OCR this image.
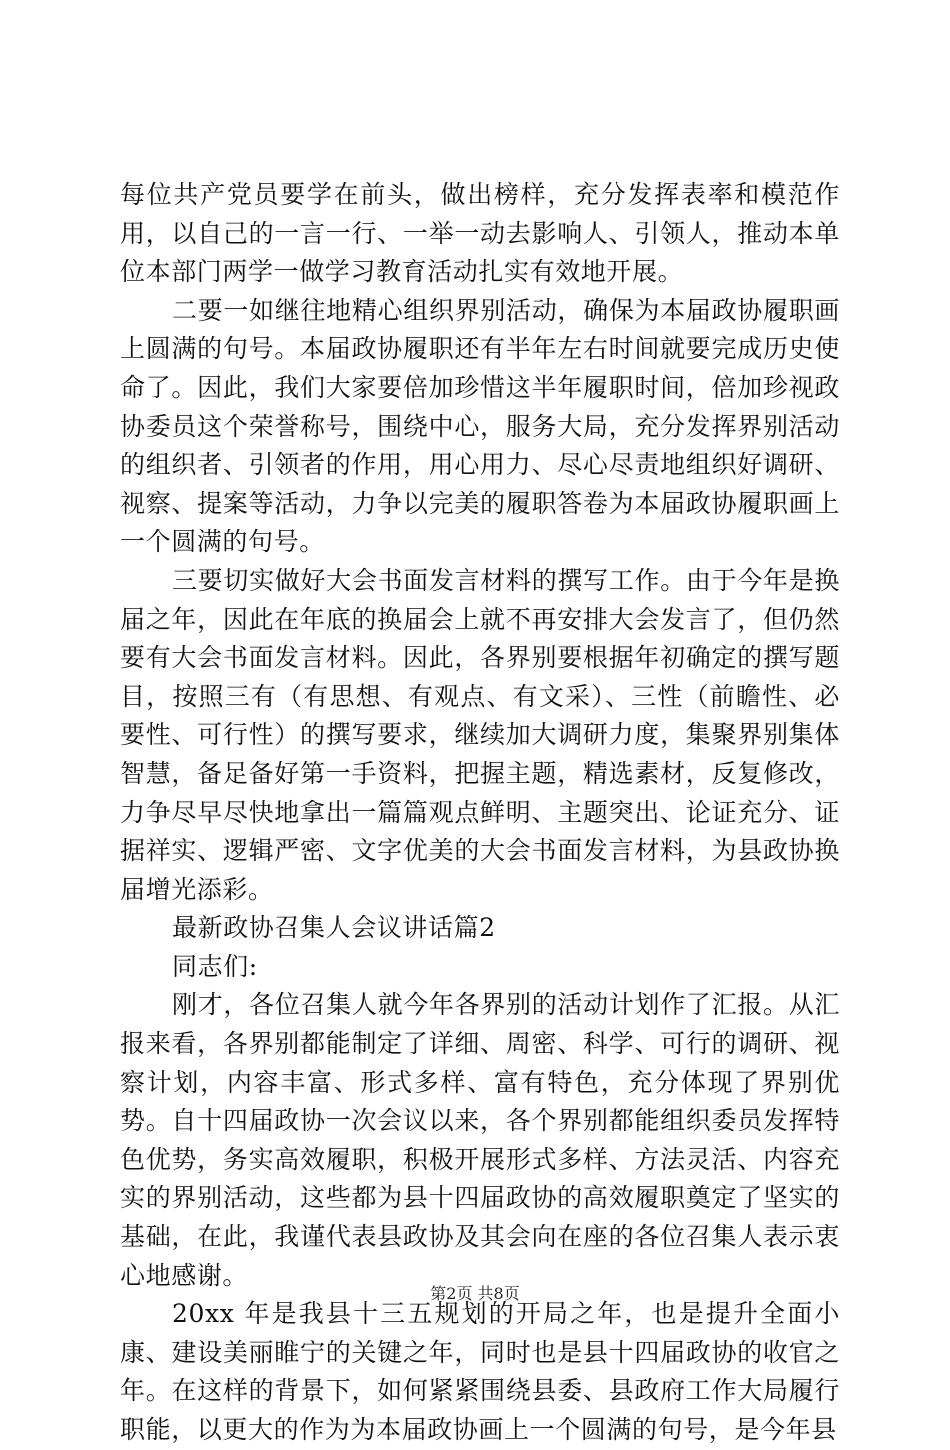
每位共产党员要学在前头，做出榜样，充分发挥表率和模范作用，以自己的一言一行、一举一动去影响人、引领人，推动本单位本部门两学一做学习教育活动扎实有效地开展。

二要一如继往地精心组织界别活动，确保为本届政协履职画上圆满的句号。本届政协履职还有半年左右时间就要完成历史使命了。因此，我们大家要倍加珍惜这半年履职时间，倍加珍视政协委员这个荣誉称号，围绕中心，服务大局，充分发挥界别活动的组织者、引领者的作用，用心用力、尽心尽责地组织好调研、视察、提案等活动，力争以完美的履职答卷为本届政协履职画上一个圆满的句号。

三要切实做好大会书面发言材料的撰写工作。由于今年是换届之年，因此在年底的换届会上就不再安排大会发言了，但仍然要有大会书面发言材料。因此，各界别要根据年初确定的撰写题目，按照三有（有思想、有观点、有文采）、三性（前瞻性、必要性、可行性）的撰写要求，继续加大调研力度，集聚界别集体智慧，备足备好第一手资料，把握主题，精选素材，反复修改，力争尽早尽快地拿出一篇篇观点鲜明、主题突出、论证充分、证据祥实、逻辑严密、文字优美的大会书面发言材料，为县政协换届增光添彩。

最新政协召集人会议讲话篇2

同志们:

刚才，各位召集人就今年各界别的活动计划作了汇报。从汇报来看，各界别都能制定了详细、周密、科学、可行的调研、视察计划，内容丰富、形式多样、富有特色，充分体现了界别优势。自十四届政协一次会议以来，各个界别都能组织委员发挥特色优势，务实高效履职，积极开展形式多样、方法灵活、内容充实的界别活动，这些都为县十四届政协的高效履职奠定了坚实的基础，在此，我谨代表县政协及其会向在座的各位召集人表示衷心地感谢。

20xx 年是我县十三五规划的开局之年，也是提升全面小康、建设美丽睢宁的关键之年，同时也是县十四届政协的收官之年。在这样的背景下，如何紧紧围绕县委、县政府工作大局履行职能，以更大的作为为本届政协画上一个圆满的句号，是今年县

第2页 共8页
